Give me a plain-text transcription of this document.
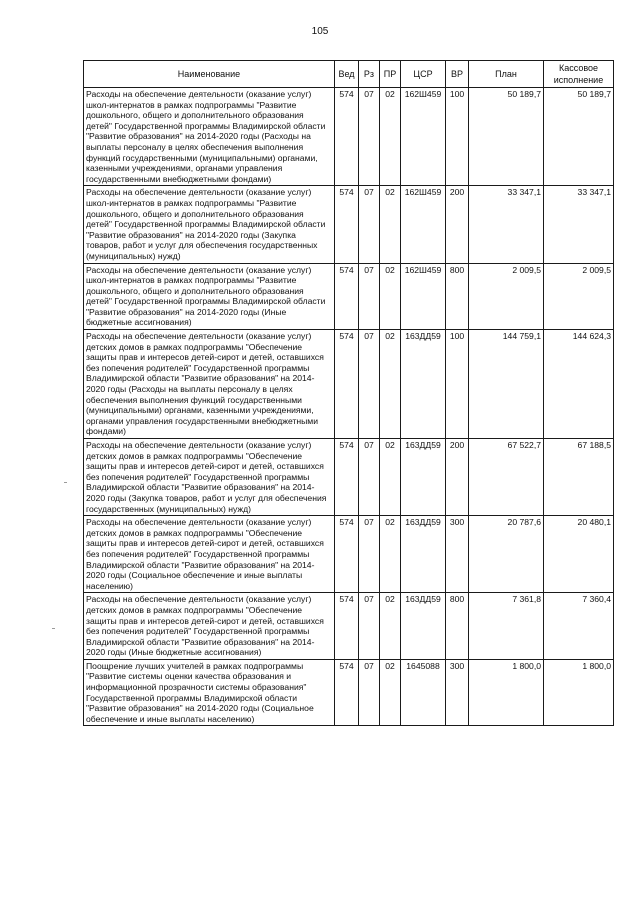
105
Наименование	Вед	Рз	ПР	ЦСР	ВР	План	Кассовое исполнение
Расходы на обеспечение деятельности (оказание услуг) школ-интернатов в рамках подпрограммы "Развитие дошкольного, общего и дополнительного образования детей" Государственной программы Владимирской области "Развитие образования" на 2014-2020 годы (Расходы на выплаты персоналу в целях обеспечения выполнения функций государственными (муниципальными) органами, казенными учреждениями, органами управления государственными внебюджетными фондами)	574	07	02	162Ш459	100	50 189,7	50 189,7
Расходы на обеспечение деятельности (оказание услуг) школ-интернатов в рамках подпрограммы "Развитие дошкольного, общего и дополнительного образования детей" Государственной программы Владимирской области "Развитие образования" на 2014-2020 годы (Закупка товаров, работ и услуг для обеспечения государственных (муниципальных) нужд)	574	07	02	162Ш459	200	33 347,1	33 347,1
Расходы на обеспечение деятельности (оказание услуг) школ-интернатов в рамках подпрограммы "Развитие дошкольного, общего и дополнительного образования детей" Государственной программы Владимирской области "Развитие образования" на 2014-2020 годы (Иные бюджетные ассигнования)	574	07	02	162Ш459	800	2 009,5	2 009,5
Расходы на обеспечение деятельности (оказание услуг) детских домов в рамках подпрограммы "Обеспечение защиты прав и интересов детей-сирот и детей, оставшихся без попечения родителей" Государственной программы Владимирской области "Развитие образования" на 2014-2020 годы (Расходы на выплаты персоналу в целях обеспечения выполнения функций государственными (муниципальными) органами, казенными учреждениями, органами управления государственными внебюджетными фондами)	574	07	02	163ДД59	100	144 759,1	144 624,3
Расходы на обеспечение деятельности (оказание услуг) детских домов в рамках подпрограммы "Обеспечение защиты прав и интересов детей-сирот и детей, оставшихся без попечения родителей" Государственной программы Владимирской области "Развитие образования" на 2014-2020 годы (Закупка товаров, работ и услуг для обеспечения государственных (муниципальных) нужд)	574	07	02	163ДД59	200	67 522,7	67 188,5
Расходы на обеспечение деятельности (оказание услуг) детских домов в рамках подпрограммы "Обеспечение защиты прав и интересов детей-сирот и детей, оставшихся без попечения родителей" Государственной программы Владимирской области "Развитие образования" на 2014-2020 годы (Социальное обеспечение и иные выплаты населению)	574	07	02	163ДД59	300	20 787,6	20 480,1
Расходы на обеспечение деятельности (оказание услуг) детских домов в рамках подпрограммы "Обеспечение защиты прав и интересов детей-сирот и детей, оставшихся без попечения родителей" Государственной программы Владимирской области "Развитие образования" на 2014-2020 годы (Иные бюджетные ассигнования)	574	07	02	163ДД59	800	7 361,8	7 360,4
Поощрение лучших учителей в рамках подпрограммы "Развитие системы оценки качества образования и информационной прозрачности системы образования" Государственной программы Владимирской области "Развитие образования" на 2014-2020 годы (Социальное обеспечение и иные выплаты населению)	574	07	02	1645088	300	1 800,0	1 800,0
